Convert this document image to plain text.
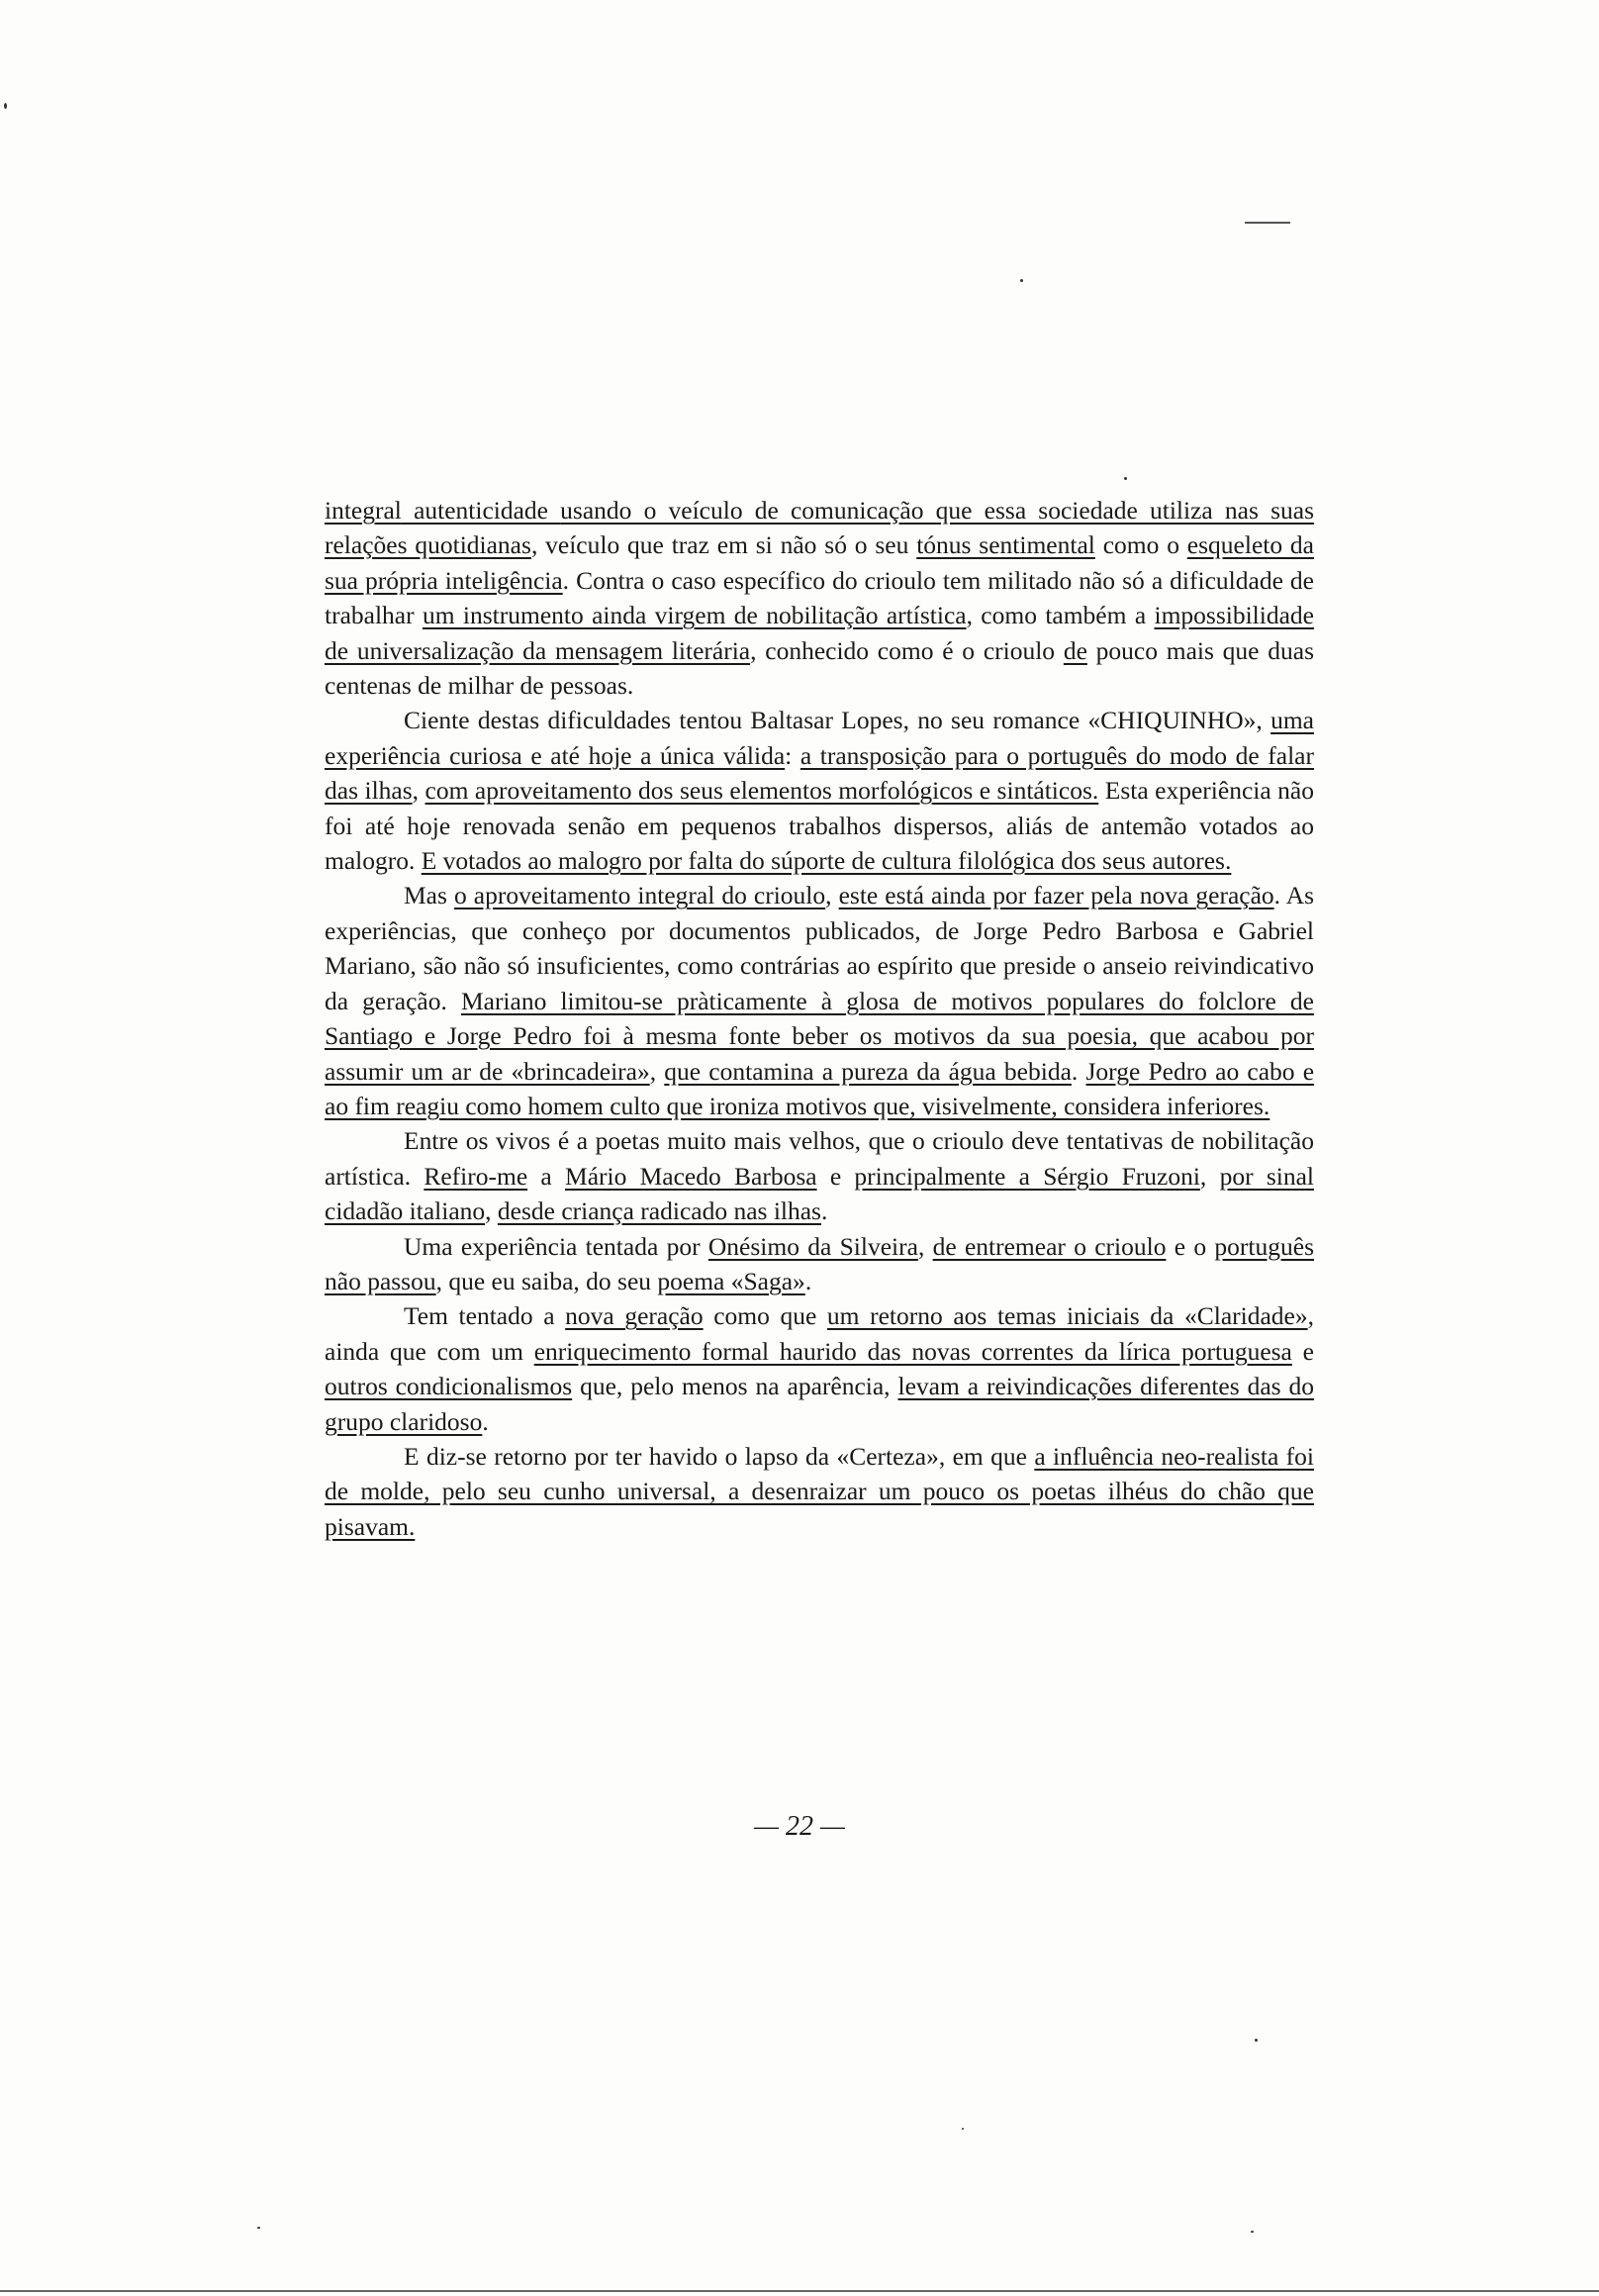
integral autenticidade usando o veículo de comunicação que essa sociedade utiliza nas suas relações quotidianas, veículo que traz em si não só o seu tónus sentimental como o esqueleto da sua própria inteligência. Contra o caso específico do crioulo tem militado não só a dificuldade de trabalhar um instrumento ainda virgem de nobilitação artística, como também a impossibilidade de universalização da mensagem literária, conhecido como é o crioulo de pouco mais que duas centenas de milhar de pessoas.

Ciente destas dificuldades tentou Baltasar Lopes, no seu romance «CHIQUINHO», uma experiência curiosa e até hoje a única válida: a transposição para o português do modo de falar das ilhas, com aproveitamento dos seus elementos morfológicos e sintáticos. Esta experiência não foi até hoje renovada senão em pequenos trabalhos dispersos, aliás de antemão votados ao malogro. E votados ao malogro por falta do súporte de cultura filológica dos seus autores.

Mas o aproveitamento integral do crioulo, este está ainda por fazer pela nova geração. As experiências, que conheço por documentos publicados, de Jorge Pedro Barbosa e Gabriel Mariano, são não só insuficientes, como contrárias ao espírito que preside o anseio reivindicativo da geração. Mariano limitou-se pràticamente à glosa de motivos populares do folclore de Santiago e Jorge Pedro foi à mesma fonte beber os motivos da sua poesia, que acabou por assumir um ar de «brincadeira», que contamina a pureza da água bebida. Jorge Pedro ao cabo e ao fim reagiu como homem culto que ironiza motivos que, visivelmente, considera inferiores.

Entre os vivos é a poetas muito mais velhos, que o crioulo deve tentativas de nobilitação artística. Refiro-me a Mário Macedo Barbosa e principalmente a Sérgio Fruzoni, por sinal cidadão italiano, desde criança radicado nas ilhas.

Uma experiência tentada por Onésimo da Silveira, de entremear o crioulo e o português não passou, que eu saiba, do seu poema «Saga».

Tem tentado a nova geração como que um retorno aos temas iniciais da «Claridade», ainda que com um enriquecimento formal haurido das novas correntes da lírica portuguesa e outros condicionalismos que, pelo menos na aparência, levam a reivindicações diferentes das do grupo claridoso.

E diz-se retorno por ter havido o lapso da «Certeza», em que a influência neo-realista foi de molde, pelo seu cunho universal, a desenraizar um pouco os poetas ilhéus do chão que pisavam.

— 22 —
